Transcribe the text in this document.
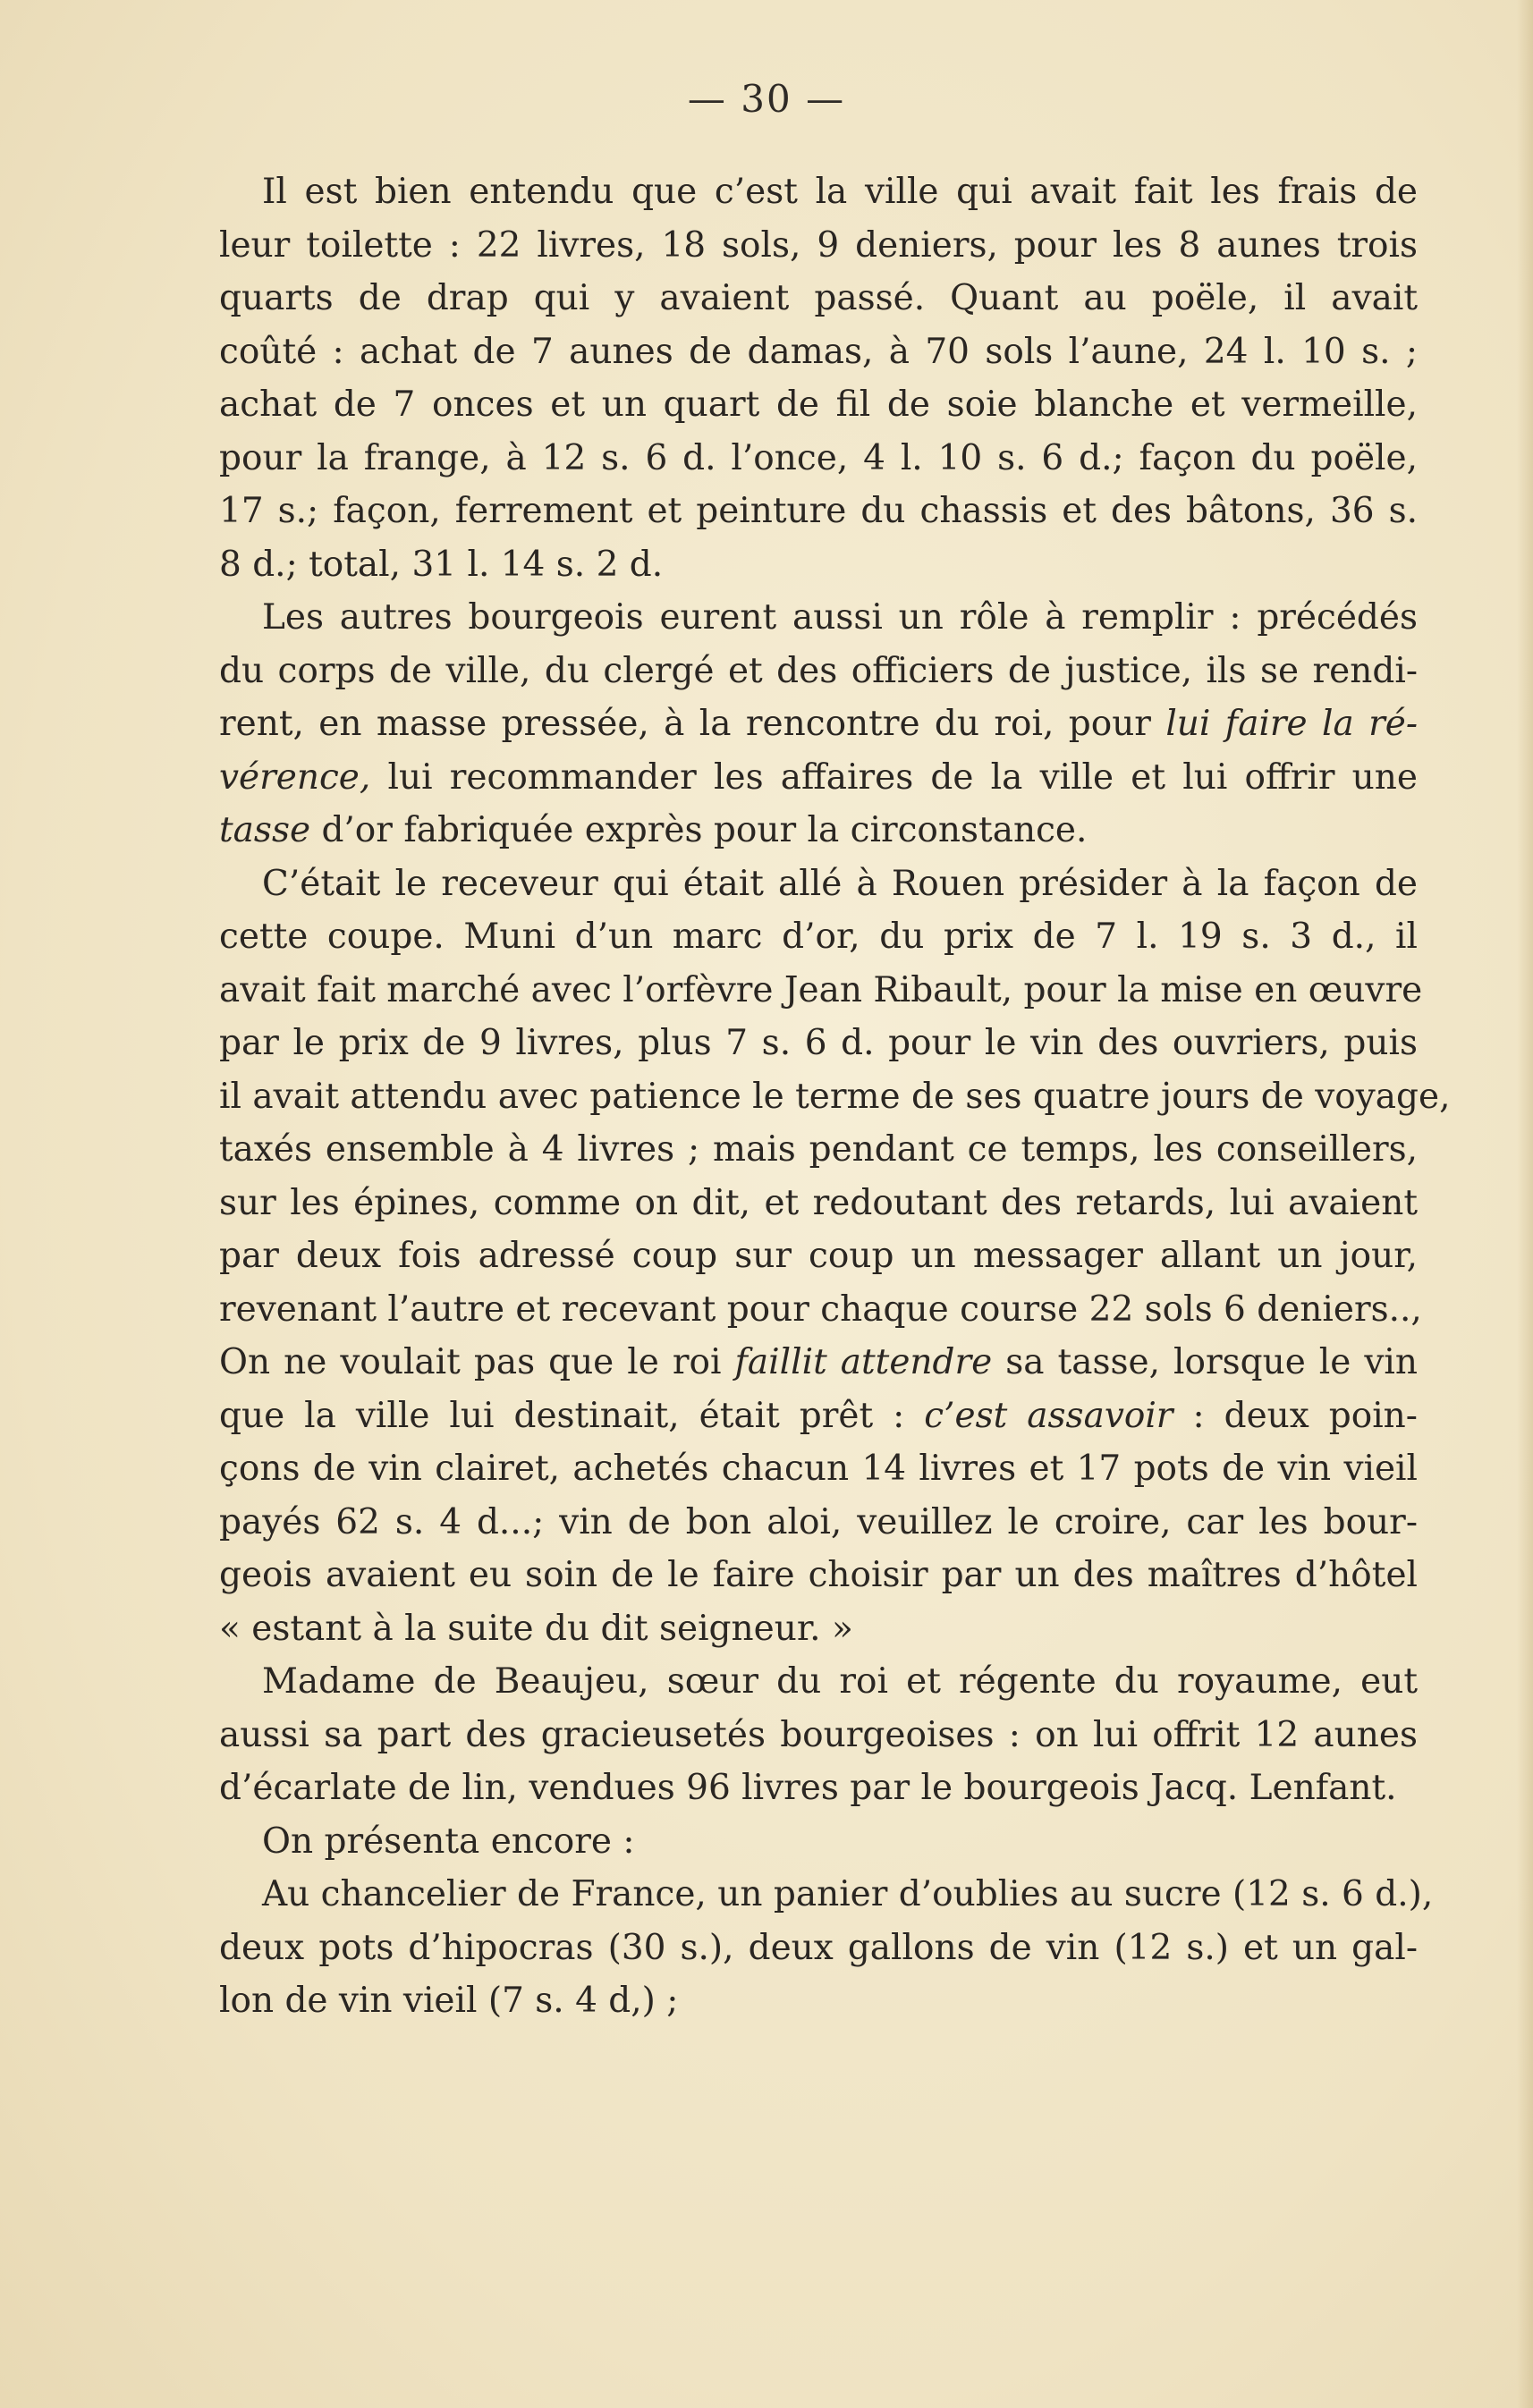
— 30 —
Il est bien entendu que c’est la ville qui avait fait les frais de
leur toilette : 22 livres, 18 sols, 9 deniers, pour les 8 aunes trois
quarts de drap qui y avaient passé. Quant au poële, il avait
coûté : achat de 7 aunes de damas, à 70 sols l’aune, 24 l. 10 s. ;
achat de 7 onces et un quart de fil de soie blanche et vermeille,
pour la frange, à 12 s. 6 d. l’once, 4 l. 10 s. 6 d.; façon du poële,
17 s.; façon, ferrement et peinture du chassis et des bâtons, 36 s.
8 d.; total, 31 l. 14 s. 2 d.
Les autres bourgeois eurent aussi un rôle à remplir : précédés
du corps de ville, du clergé et des officiers de justice, ils se rendi-
rent, en masse pressée, à la rencontre du roi, pour lui faire la ré-
vérence, lui recommander les affaires de la ville et lui offrir une
tasse d’or fabriquée exprès pour la circonstance.
C’était le receveur qui était allé à Rouen présider à la façon de
cette coupe. Muni d’un marc d’or, du prix de 7 l. 19 s. 3 d., il
avait fait marché avec l’orfèvre Jean Ribault, pour la mise en œuvre
par le prix de 9 livres, plus 7 s. 6 d. pour le vin des ouvriers, puis
il avait attendu avec patience le terme de ses quatre jours de voyage,
taxés ensemble à 4 livres ; mais pendant ce temps, les conseillers,
sur les épines, comme on dit, et redoutant des retards, lui avaient
par deux fois adressé coup sur coup un messager allant un jour,
revenant l’autre et recevant pour chaque course 22 sols 6 deniers..,
On ne voulait pas que le roi faillit attendre sa tasse, lorsque le vin
que la ville lui destinait, était prêt : c’est assavoir : deux poin-
çons de vin clairet, achetés chacun 14 livres et 17 pots de vin vieil
payés 62 s. 4 d...; vin de bon aloi, veuillez le croire, car les bour-
geois avaient eu soin de le faire choisir par un des maîtres d’hôtel
« estant à la suite du dit seigneur. »
Madame de Beaujeu, sœur du roi et régente du royaume, eut
aussi sa part des gracieusetés bourgeoises : on lui offrit 12 aunes
d’écarlate de lin, vendues 96 livres par le bourgeois Jacq. Lenfant.
On présenta encore :
Au chancelier de France, un panier d’oublies au sucre (12 s. 6 d.),
deux pots d’hipocras (30 s.), deux gallons de vin (12 s.) et un gal-
lon de vin vieil (7 s. 4 d,) ;
